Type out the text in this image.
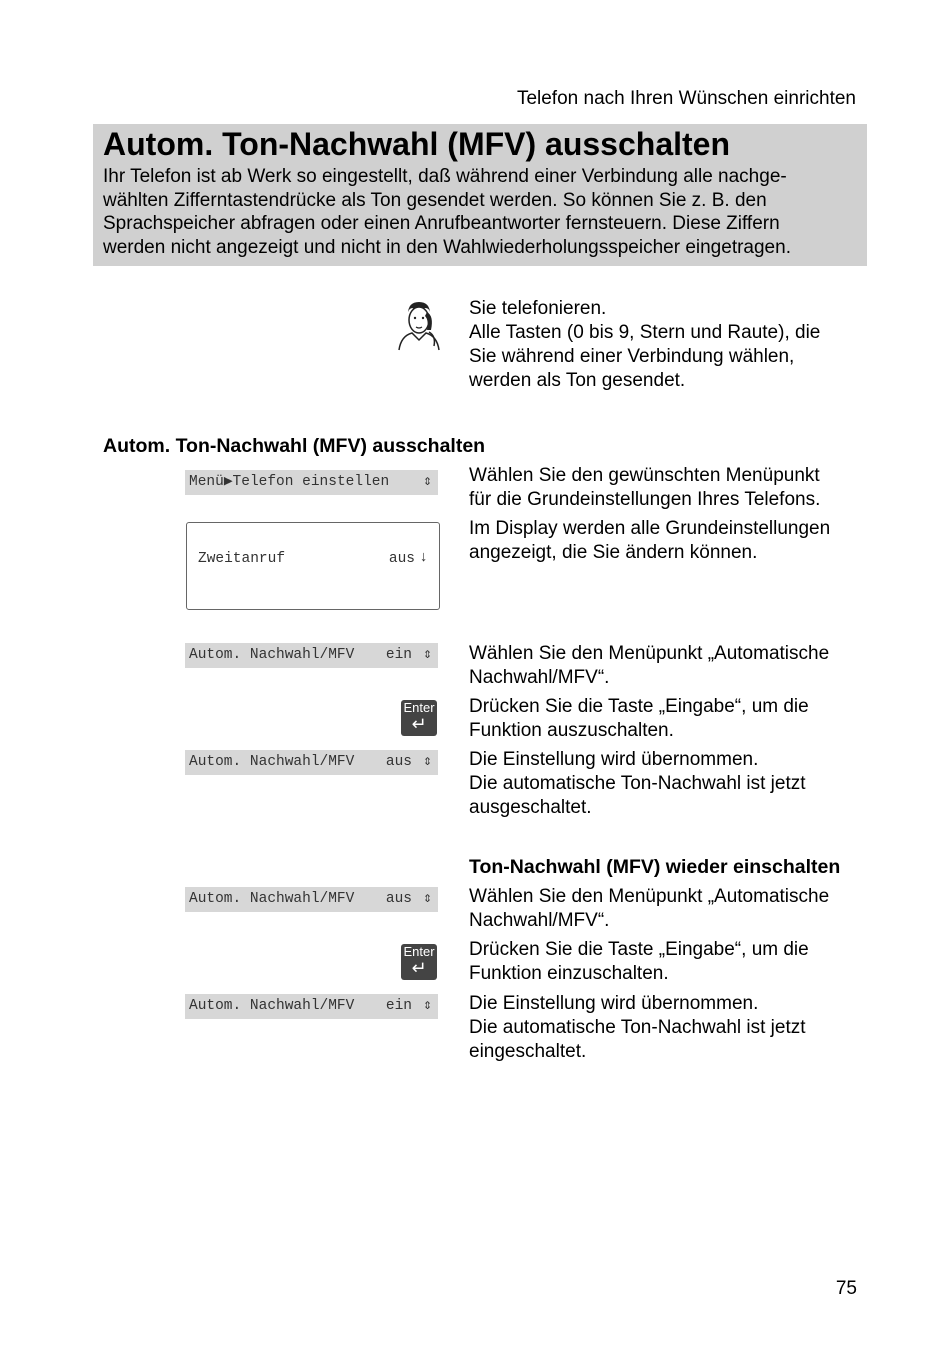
Telefon nach Ihren Wünschen einrichten
Autom. Ton-Nachwahl (MFV) ausschalten
Ihr Telefon ist ab Werk so eingestellt, daß während einer Verbindung alle nachge-
wählten Zifferntastendrücke als Ton gesendet werden. So können Sie z. B. den
Sprachspeicher abfragen oder einen Anrufbeantworter fernsteuern. Diese Ziffern
werden nicht angezeigt und nicht in den Wahlwiederholungsspeicher eingetragen.
Sie telefonieren.
Alle Tasten (0 bis 9, Stern und Raute), die
Sie während einer Verbindung wählen,
werden als Ton gesendet.
Autom. Ton-Nachwahl (MFV) ausschalten
Menü▶Telefon einstellen ⇕ Wählen Sie den gewünschten Menüpunkt
für die Grundeinstellungen Ihres Telefons.
Im Display werden alle Grundeinstellungen
angezeigt, die Sie ändern können.
Zweitanruf	aus ↓
Autom. Nachwahl/MFV ein ⇕ Wählen Sie den Menüpunkt „Automatische
Nachwahl/MFV“.
Enter
↵
Drücken Sie die Taste „Eingabe“, um die
Funktion auszuschalten.
Autom. Nachwahl/MFV aus ⇕ Die Einstellung wird übernommen.
Die automatische Ton-Nachwahl ist jetzt
ausgeschaltet.
Ton-Nachwahl (MFV) wieder einschalten
Autom. Nachwahl/MFV aus ⇕ Wählen Sie den Menüpunkt „Automatische
Nachwahl/MFV“.
Enter
↵
Drücken Sie die Taste „Eingabe“, um die
Funktion einzuschalten.
Autom. Nachwahl/MFV ein ⇕ Die Einstellung wird übernommen.
Die automatische Ton-Nachwahl ist jetzt
eingeschaltet.
75
